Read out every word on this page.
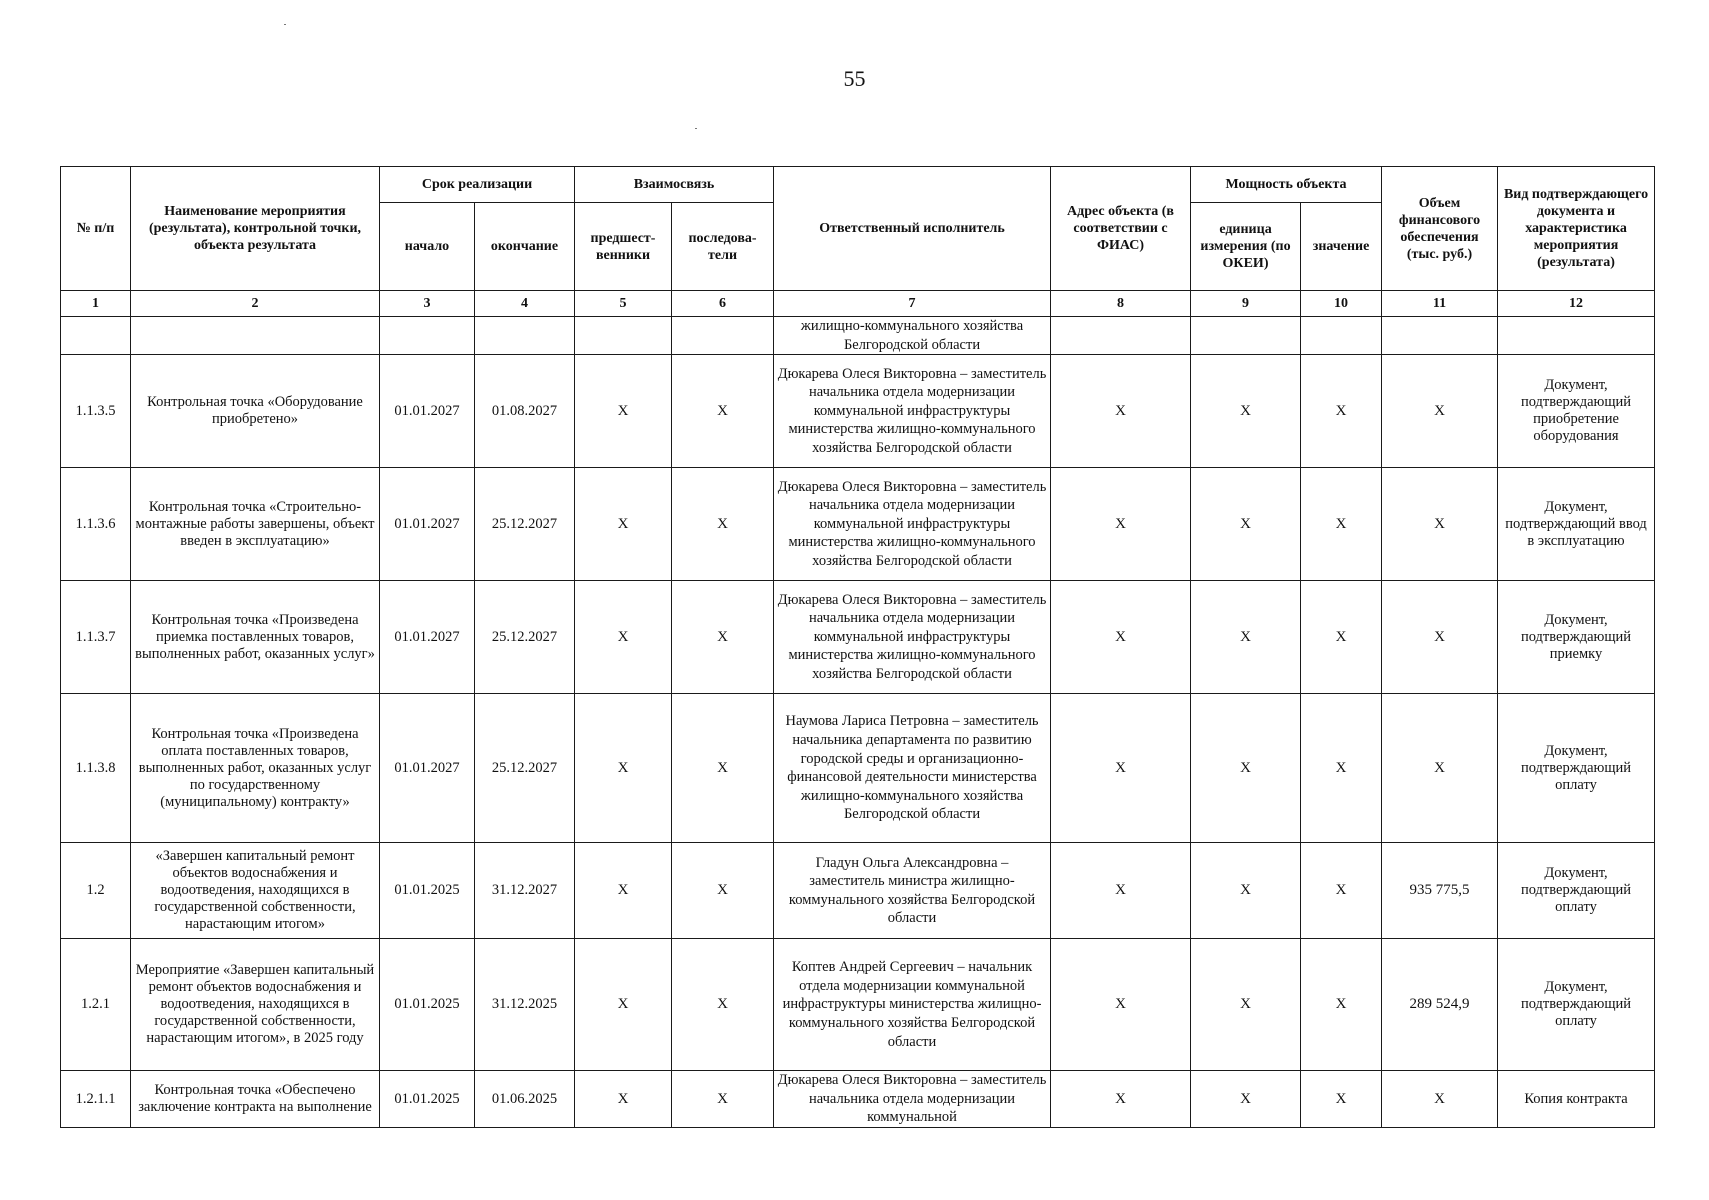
55
№ п/п	Наименование мероприятия (результата), контрольной точки, объекта результата	Срок реализации		Взаимосвязь		Ответственный исполнитель	Адрес объекта (в соответствии с ФИАС)	Мощность объекта		Объем финансового обеспечения (тыс. руб.)	Вид подтверждающего документа и характеристика мероприятия (результата)
		начало	окончание	предшест-венники	последова-тели			единица измерения (по ОКЕИ)	значение		
1	2	3	4	5	6	7	8	9	10	11	12
						жилищно-коммунального хозяйства Белгородской области					
1.1.3.5	Контрольная точка «Оборудование приобретено»	01.01.2027	01.08.2027	X	X	Дюкарева Олеся Викторовна – заместитель начальника отдела модернизации коммунальной инфраструктуры министерства жилищно-коммунального хозяйства Белгородской области	X	X	X	X	Документ, подтверждающий приобретение оборудования
1.1.3.6	Контрольная точка «Строительно-монтажные работы завершены, объект введен в эксплуатацию»	01.01.2027	25.12.2027	X	X	Дюкарева Олеся Викторовна – заместитель начальника отдела модернизации коммунальной инфраструктуры министерства жилищно-коммунального хозяйства Белгородской области	X	X	X	X	Документ, подтверждающий ввод в эксплуатацию
1.1.3.7	Контрольная точка «Произведена приемка поставленных товаров, выполненных работ, оказанных услуг»	01.01.2027	25.12.2027	X	X	Дюкарева Олеся Викторовна – заместитель начальника отдела модернизации коммунальной инфраструктуры министерства жилищно-коммунального хозяйства Белгородской области	X	X	X	X	Документ, подтверждающий приемку
1.1.3.8	Контрольная точка «Произведена оплата поставленных товаров, выполненных работ, оказанных услуг по государственному (муниципальному) контракту»	01.01.2027	25.12.2027	X	X	Наумова Лариса Петровна – заместитель начальника департамента по развитию городской среды и организационно-финансовой деятельности министерства жилищно-коммунального хозяйства Белгородской области	X	X	X	X	Документ, подтверждающий оплату
1.2	«Завершен капитальный ремонт объектов водоснабжения и водоотведения, находящихся в государственной собственности, нарастающим итогом»	01.01.2025	31.12.2027	X	X	Гладун Ольга Александровна – заместитель министра жилищно-коммунального хозяйства Белгородской области	X	X	X	935 775,5	Документ, подтверждающий оплату
1.2.1	Мероприятие «Завершен капитальный ремонт объектов водоснабжения и водоотведения, находящихся в государственной собственности, нарастающим итогом», в 2025 году	01.01.2025	31.12.2025	X	X	Коптев Андрей Сергеевич – начальник отдела модернизации коммунальной инфраструктуры министерства жилищно-коммунального хозяйства Белгородской области	X	X	X	289 524,9	Документ, подтверждающий оплату
1.2.1.1	Контрольная точка «Обеспечено заключение контракта на выполнение	01.01.2025	01.06.2025	X	X	Дюкарева Олеся Викторовна – заместитель начальника отдела модернизации коммунальной	X	X	X	X	Копия контракта
